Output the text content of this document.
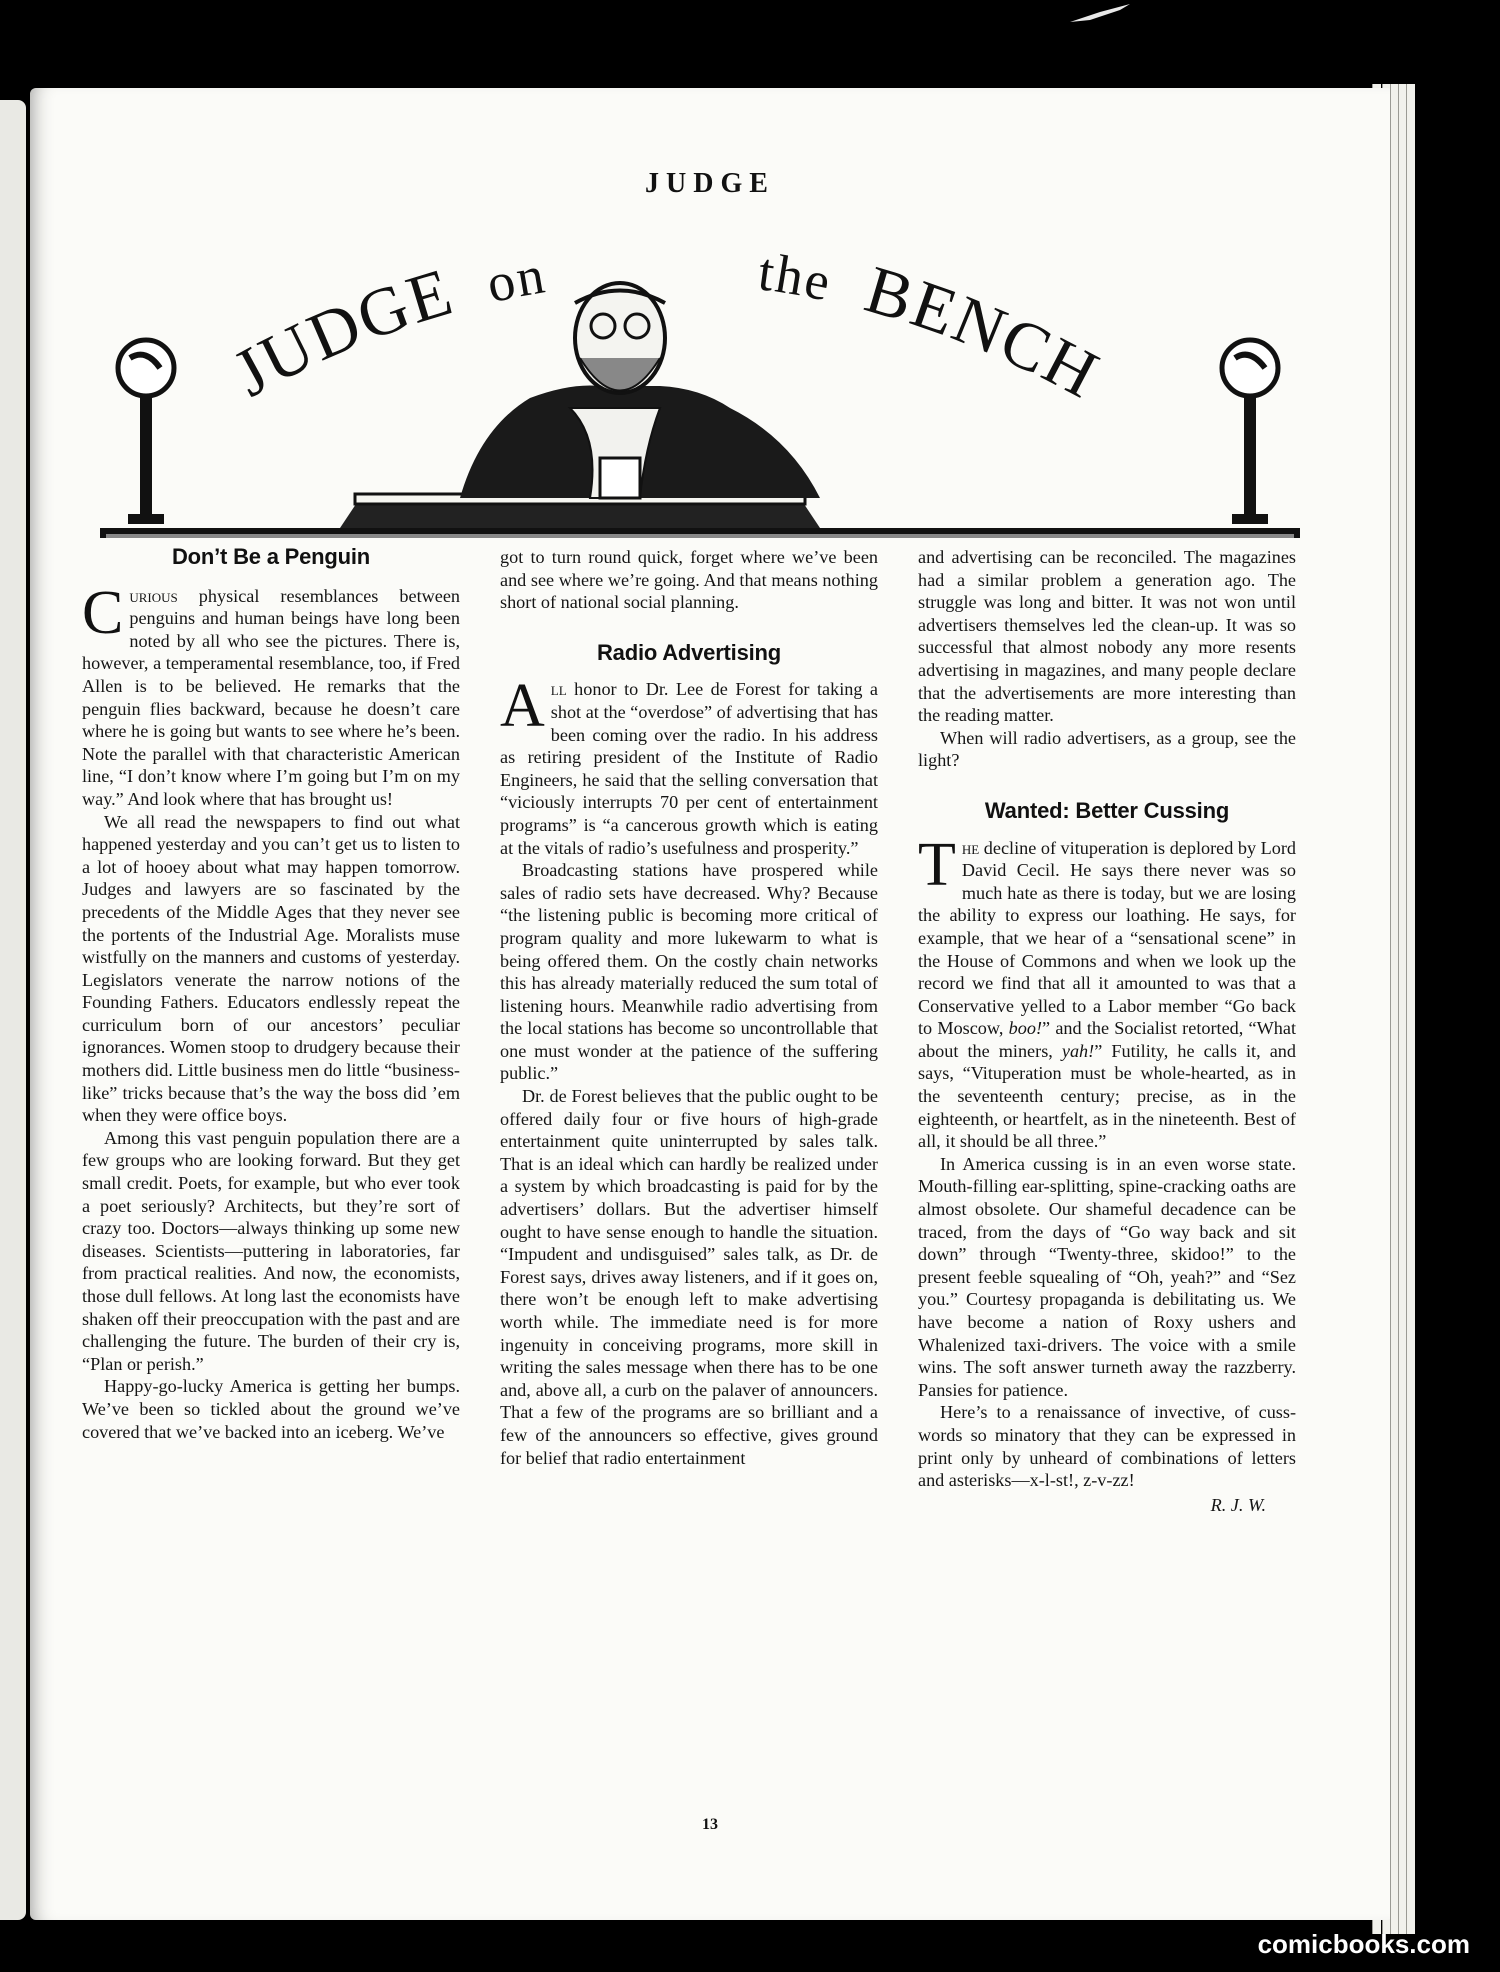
JUDGE
JUDGE on	the BENCH
Don’t Be a Penguin

Curious physical resemblances between penguins and human beings have long been noted by all who see the pictures. There is, however, a temperamental resemblance, too, if Fred Allen is to be believed. He remarks that the penguin flies backward, because he doesn’t care where he is going but wants to see where he’s been. Note the parallel with that characteristic American line, “I don’t know where I’m going but I’m on my way.” And look where that has brought us!

We all read the newspapers to find out what happened yesterday and you can’t get us to listen to a lot of hooey about what may happen tomorrow. Judges and lawyers are so fascinated by the precedents of the Middle Ages that they never see the portents of the Industrial Age. Moralists muse wistfully on the manners and customs of yesterday. Legislators venerate the narrow notions of the Founding Fathers. Educators endlessly repeat the curriculum born of our ancestors’ peculiar ignorances. Women stoop to drudgery because their mothers did. Little business men do little “business-like” tricks because that’s the way the boss did ’em when they were office boys.

Among this vast penguin population there are a few groups who are looking forward. But they get small credit. Poets, for example, but who ever took a poet seriously? Architects, but they’re sort of crazy too. Doctors—always thinking up some new diseases. Scientists—puttering in laboratories, far from practical realities. And now, the economists, those dull fellows. At long last the economists have shaken off their preoccupation with the past and are challenging the future. The burden of their cry is, “Plan or perish.”

Happy-go-lucky America is getting her bumps. We’ve been so tickled about the ground we’ve covered that we’ve backed into an iceberg. We’ve

got to turn round quick, forget where we’ve been and see where we’re going. And that means nothing short of national social planning.

Radio Advertising

All honor to Dr. Lee de Forest for taking a shot at the “overdose” of advertising that has been coming over the radio. In his address as retiring president of the Institute of Radio Engineers, he said that the selling conversation that “viciously interrupts 70 per cent of entertainment programs” is “a cancerous growth which is eating at the vitals of radio’s usefulness and prosperity.”

Broadcasting stations have prospered while sales of radio sets have decreased. Why? Because “the listening public is becoming more critical of program quality and more lukewarm to what is being offered them. On the costly chain networks this has already materially reduced the sum total of listening hours. Meanwhile radio advertising from the local stations has become so uncontrollable that one must wonder at the patience of the suffering public.”

Dr. de Forest believes that the public ought to be offered daily four or five hours of high-grade entertainment quite uninterrupted by sales talk. That is an ideal which can hardly be realized under a system by which broadcasting is paid for by the advertisers’ dollars. But the advertiser himself ought to have sense enough to handle the situation. “Impudent and undisguised” sales talk, as Dr. de Forest says, drives away listeners, and if it goes on, there won’t be enough left to make advertising worth while. The immediate need is for more ingenuity in conceiving programs, more skill in writing the sales message when there has to be one and, above all, a curb on the palaver of announcers. That a few of the programs are so brilliant and a few of the announcers so effective, gives ground for belief that radio entertainment

and advertising can be reconciled. The magazines had a similar problem a generation ago. The struggle was long and bitter. It was not won until advertisers themselves led the clean-up. It was so successful that almost nobody any more resents advertising in magazines, and many people declare that the advertisements are more interesting than the reading matter.

When will radio advertisers, as a group, see the light?

Wanted: Better Cussing

The decline of vituperation is deplored by Lord David Cecil. He says there never was so much hate as there is today, but we are losing the ability to express our loathing. He says, for example, that we hear of a “sensational scene” in the House of Commons and when we look up the record we find that all it amounted to was that a Conservative yelled to a Labor member “Go back to Moscow, boo!” and the Socialist retorted, “What about the miners, yah!” Futility, he calls it, and says, “Vituperation must be whole-hearted, as in the seventeenth century; precise, as in the eighteenth, or heartfelt, as in the nineteenth. Best of all, it should be all three.”

In America cussing is in an even worse state. Mouth-filling ear-splitting, spine-cracking oaths are almost obsolete. Our shameful decadence can be traced, from the days of “Go way back and sit down” through “Twenty-three, skidoo!” to the present feeble squealing of “Oh, yeah?” and “Sez you.” Courtesy propaganda is debilitating us. We have become a nation of Roxy ushers and Whalenized taxi-drivers. The voice with a smile wins. The soft answer turneth away the razzberry. Pansies for patience.

Here’s to a renaissance of invective, of cuss-words so minatory that they can be expressed in print only by unheard of combinations of letters and asterisks—x-l-st!, z-v-zz!

R. J. W.
13
comicbooks.com
